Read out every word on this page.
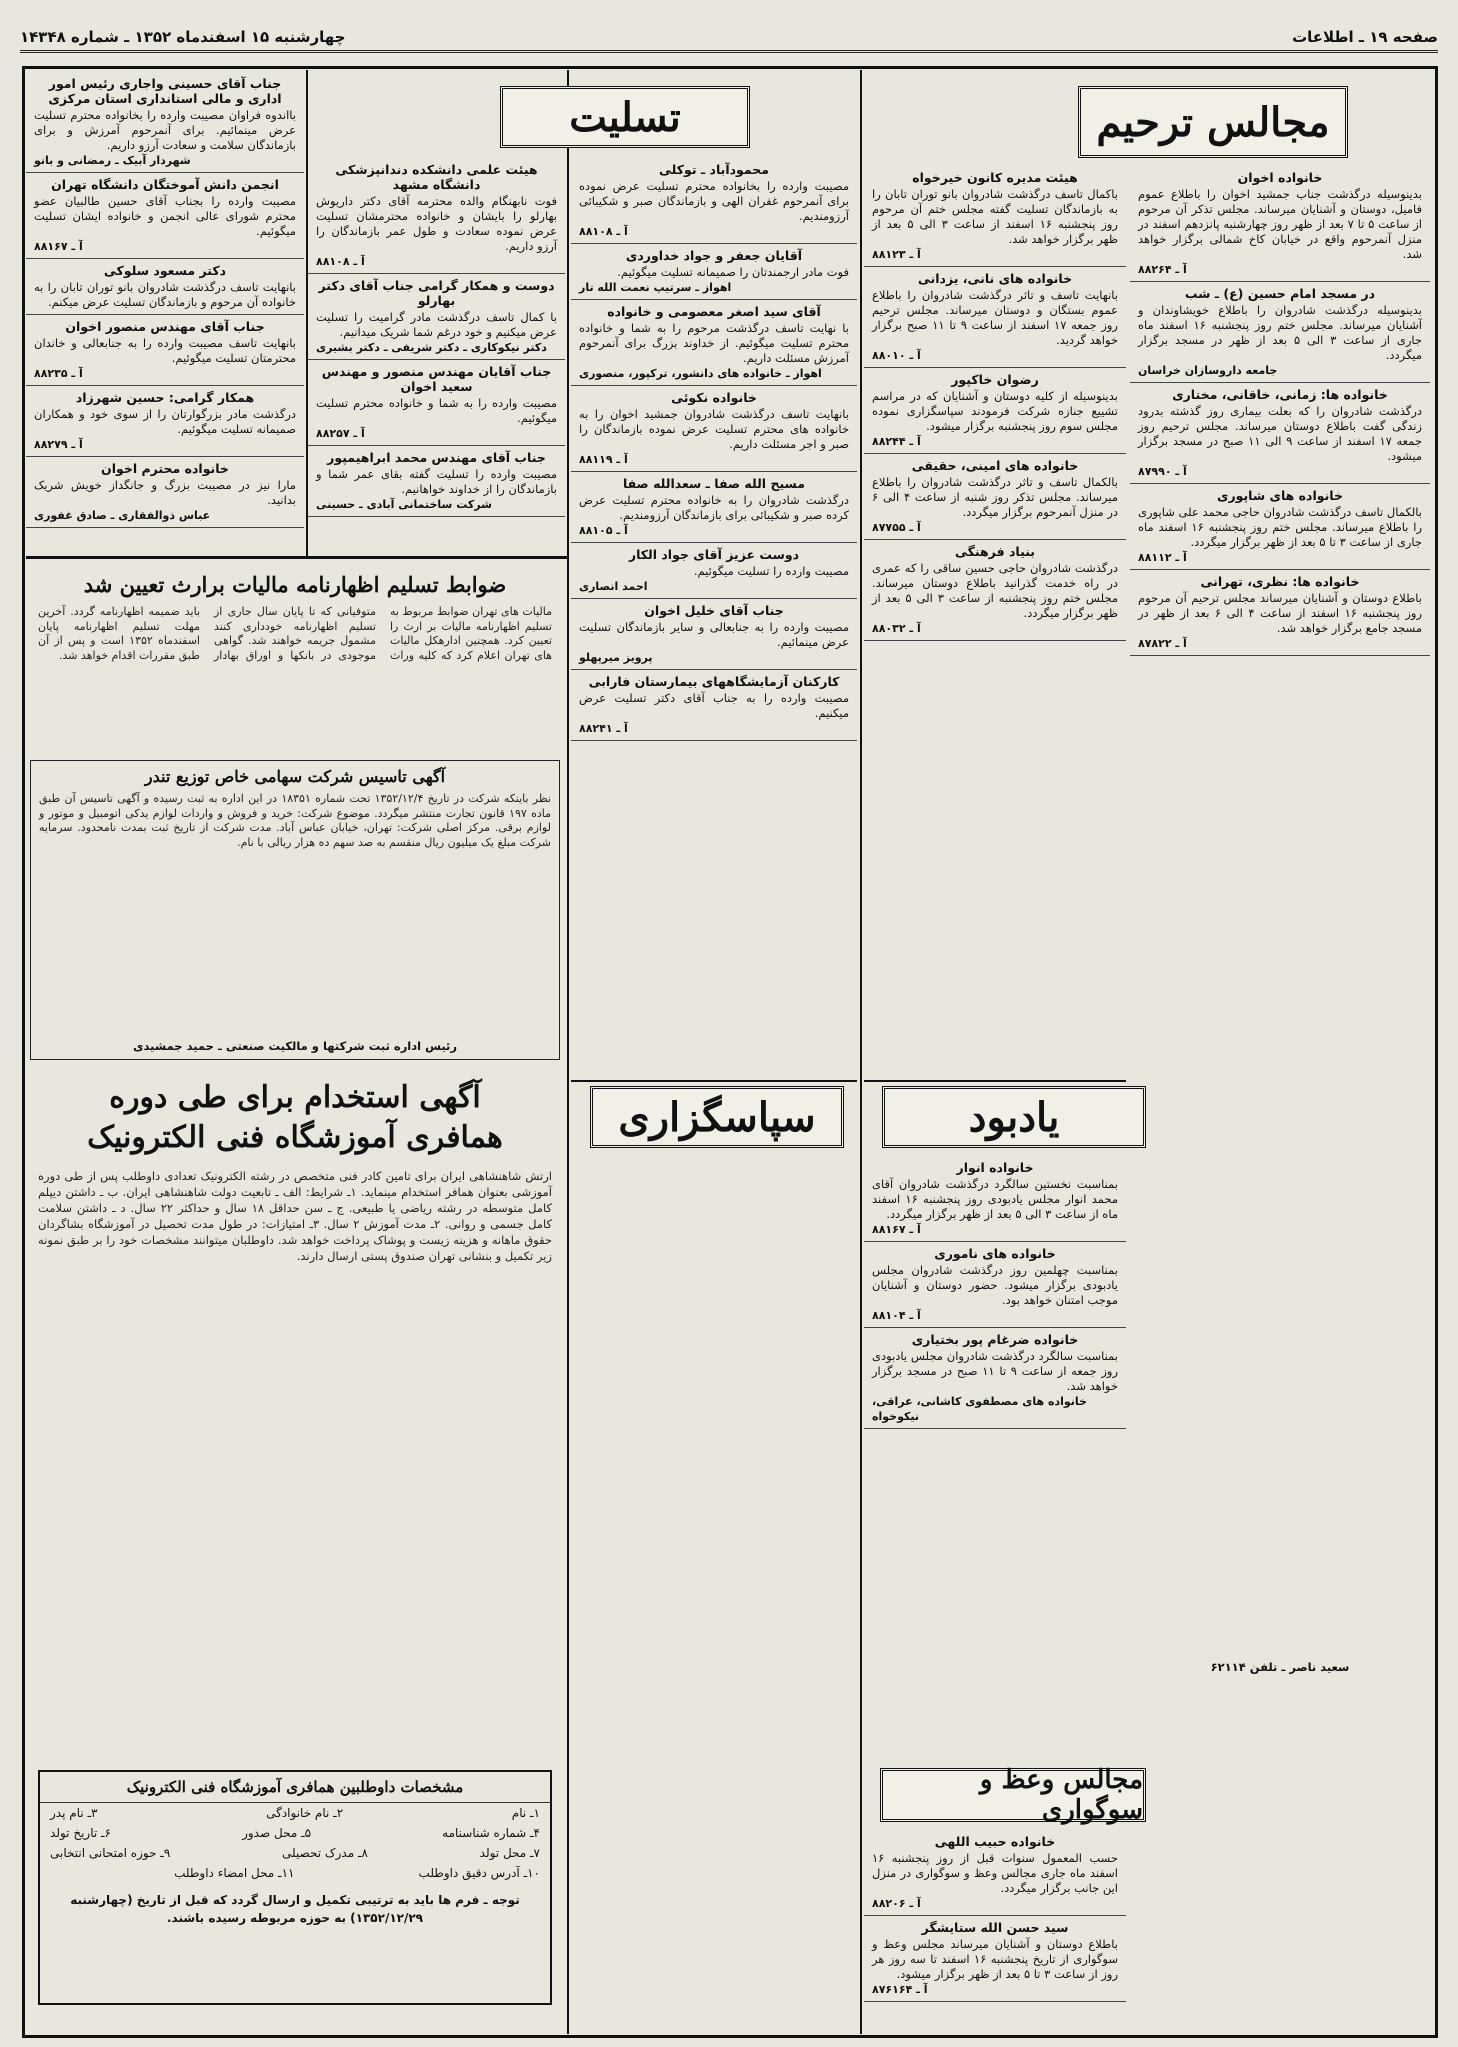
صفحه ۱۹ ـ اطلاعات
چهارشنبه ۱۵ اسفندماه ۱۳۵۲ ـ شماره ۱۴۳۴۸
مجالس ترحیم
تسلیت
سپاسگزاری	یادبود
مجالس وعظ و سوگواری
خانواده اخوان
بدینوسیله درگذشت جناب جمشید اخوان را باطلاع عموم فامیل، دوستان و آشنایان میرساند. مجلس تذکر آن مرحوم از ساعت ۵ تا ۷ بعد از ظهر روز چهارشنبه پانزدهم اسفند در منزل آنمرحوم واقع در خیابان کاخ شمالی برگزار خواهد شد.
آ ـ ۸۸۲۶۴
در مسجد امام حسین (ع) ـ شب
بدینوسیله درگذشت شادروان را باطلاع خویشاوندان و آشنایان میرساند. مجلس ختم روز پنجشنبه ۱۶ اسفند ماه جاری از ساعت ۳ الی ۵ بعد از ظهر در مسجد برگزار میگردد.
جامعه داروسازان خراسان
خانواده ها: زمانی، خاقانی، مختاری
درگذشت شادروان را که بعلت بیماری روز گذشته بدرود زندگی گفت باطلاع دوستان میرساند. مجلس ترحیم روز جمعه ۱۷ اسفند از ساعت ۹ الی ۱۱ صبح در مسجد برگزار میشود.
آ ـ ۸۷۹۹۰
خانواده های شاپوری
بالکمال تاسف درگذشت شادروان حاجی محمد علی شاپوری را باطلاع میرساند. مجلس ختم روز پنجشنبه ۱۶ اسفند ماه جاری از ساعت ۳ تا ۵ بعد از ظهر برگزار میگردد.
آ ـ ۸۸۱۱۲
خانواده ها: نظری، تهرانی
باطلاع دوستان و آشنایان میرساند مجلس ترحیم آن مرحوم روز پنجشنبه ۱۶ اسفند از ساعت ۴ الی ۶ بعد از ظهر در مسجد جامع برگزار خواهد شد.
آ ـ ۸۷۸۲۲
سعید ناصر ـ تلفن ۶۲۱۱۴
هیئت مدیره کانون خیرخواه
باکمال تاسف درگذشت شادروان بانو توران تابان را به بازماندگان تسلیت گفته مجلس ختم آن مرحوم روز پنجشنبه ۱۶ اسفند از ساعت ۳ الی ۵ بعد از ظهر برگزار خواهد شد.
آ ـ ۸۸۱۲۳
خانواده های نانی، یزدانی
بانهایت تاسف و تاثر درگذشت شادروان را باطلاع عموم بستگان و دوستان میرساند. مجلس ترحیم روز جمعه ۱۷ اسفند از ساعت ۹ تا ۱۱ صبح برگزار خواهد گردید.
آ ـ ۸۸۰۱۰
رضوان خاکپور
بدینوسیله از کلیه دوستان و آشنایان که در مراسم تشییع جنازه شرکت فرمودند سپاسگزاری نموده مجلس سوم روز پنجشنبه برگزار میشود.
آ ـ ۸۸۲۴۴
خانواده های امینی، حقیقی
بالکمال تاسف و تاثر درگذشت شادروان را باطلاع میرساند. مجلس تذکر روز شنبه از ساعت ۴ الی ۶ در منزل آنمرحوم برگزار میگردد.
آ ـ ۸۷۷۵۵
بنیاد فرهنگی
درگذشت شادروان حاجی حسین ساقی را که عمری در راه خدمت گذرانید باطلاع دوستان میرساند. مجلس ختم روز پنجشنبه از ساعت ۳ الی ۵ بعد از ظهر برگزار میگردد.
آ ـ ۸۸۰۳۲
خانواده انوار
بمناسبت نخستین سالگرد درگذشت شادروان آقای محمد انوار مجلس یادبودی روز پنجشنبه ۱۶ اسفند ماه از ساعت ۳ الی ۵ بعد از ظهر برگزار میگردد.
آ ـ ۸۸۱۶۷
خانواده های ناموری
بمناسبت چهلمین روز درگذشت شادروان مجلس یادبودی برگزار میشود. حضور دوستان و آشنایان موجب امتنان خواهد بود.
آ ـ ۸۸۱۰۴
خانواده ضرغام پور بختیاری
بمناسبت سالگرد درگذشت شادروان مجلس یادبودی روز جمعه از ساعت ۹ تا ۱۱ صبح در مسجد برگزار خواهد شد.
خانواده های مصطفوی کاشانی، عراقی، نیکوخواه
خانواده حبیب اللهی
حسب المعمول سنوات قبل از روز پنجشنبه ۱۶ اسفند ماه جاری مجالس وعظ و سوگواری در منزل این جانب برگزار میگردد.
آ ـ ۸۸۲۰۶
سید حسن الله ستایشگر
باطلاع دوستان و آشنایان میرساند مجلس وعظ و سوگواری از تاریخ پنجشنبه ۱۶ اسفند تا سه روز هر روز از ساعت ۳ تا ۵ بعد از ظهر برگزار میشود.
آ ـ ۸۷۶۱۶۴
محمودآباد ـ توکلی
مصیبت وارده را بخانواده محترم تسلیت عرض نموده برای آنمرحوم غفران الهی و بازماندگان صبر و شکیبائی آرزومندیم.
آ ـ ۸۸۱۰۸
آقایان جعفر و جواد خداوردی
فوت مادر ارجمندتان را صمیمانه تسلیت میگوئیم.
اهواز ـ سرتیپ نعمت الله تار
آقای سید اصغر معصومی و خانواده
با نهایت تاسف درگذشت مرحوم را به شما و خانواده محترم تسلیت میگوئیم. از خداوند بزرگ برای آنمرحوم آمرزش مسئلت داریم.
اهواز ـ خانواده های دانشور، ترکپور، منصوری
خانواده نکوئی
بانهایت تاسف درگذشت شادروان جمشید اخوان را به خانواده های محترم تسلیت عرض نموده بازماندگان را صبر و اجر مسئلت داریم.
آ ـ ۸۸۱۱۹
مسیح الله صفا ـ سعدالله صفا
درگذشت شادروان را به خانواده محترم تسلیت عرض کرده صبر و شکیبائی برای بازماندگان آرزومندیم.
آ ـ ۸۸۱۰۵
دوست عزیز آقای جواد الکار
مصیبت وارده را تسلیت میگوئیم.
احمد انصاری
جناب آقای خلیل اخوان
مصیبت وارده را به جنابعالی و سایر بازماندگان تسلیت عرض مینمائیم.
پرویز میرپهلو
کارکنان آزمایشگاههای بیمارستان فارابی
مصیبت وارده را به جناب آقای دکتر تسلیت عرض میکنیم.
آ ـ ۸۸۲۴۱
جناب آقای حسینی واجاری رئیس امور اداری و مالی استانداری استان مرکزی
بااندوه فراوان مصیبت وارده را بخانواده محترم تسلیت عرض مینمائیم. برای آنمرحوم آمرزش و برای بازماندگان سلامت و سعادت آرزو داریم.
شهردار آبیک ـ رمضانی و بانو
انجمن دانش آموختگان دانشگاه تهران
مصیبت وارده را بجناب آقای حسین طالبیان عضو محترم شورای عالی انجمن و خانواده ایشان تسلیت میگوئیم.
آ ـ ۸۸۱۶۷
دکتر مسعود سلوکی
بانهایت تاسف درگذشت شادروان بانو توران تابان را به خانواده آن مرحوم و بازماندگان تسلیت عرض میکنم.
جناب آقای مهندس منصور اخوان
بانهایت تاسف مصیبت وارده را به جنابعالی و خاندان محترمتان تسلیت میگوئیم.
آ ـ ۸۸۲۳۵
همکار گرامی: حسین شهرزاد
درگذشت مادر بزرگوارتان را از سوی خود و همکاران صمیمانه تسلیت میگوئیم.
آ ـ ۸۸۲۷۹
خانواده محترم اخوان
مارا نیز در مصیبت بزرگ و جانگداز خویش شریک بدانید.
عباس ذوالفقاری ـ صادق غفوری
هیئت علمی دانشکده دندانپزشکی دانشگاه مشهد
فوت نابهنگام والده محترمه آقای دکتر داریوش بهارلو را بایشان و خانواده محترمشان تسلیت عرض نموده سعادت و طول عمر بازماندگان را آرزو داریم.
آ ـ ۸۸۱۰۸
دوست و همکار گرامی جناب آقای دکتر بهارلو
با کمال تاسف درگذشت مادر گرامیت را تسلیت عرض میکنیم و خود درغم شما شریک میدانیم.
دکتر نیکوکاری ـ دکتر شریفی ـ دکتر بشیری
جناب آقایان مهندس منصور و مهندس سعید اخوان
مصیبت وارده را به شما و خانواده محترم تسلیت میگوئیم.
آ ـ ۸۸۲۵۷
جناب آقای مهندس محمد ابراهیمپور
مصیبت وارده را تسلیت گفته بقای عمر شما و بازماندگان را از خداوند خواهانیم.
شرکت ساختمانی آبادی ـ حسینی
ضوابط تسلیم اظهارنامه مالیات برارث تعیین شد
مالیات های تهران ضوابط مربوط به تسلیم اظهارنامه مالیات بر ارث را تعیین کرد. همچنین ادارهکل مالیات های تهران اعلام کرد که کلیه وراث متوفیانی که تا پایان سال جاری از تسلیم اظهارنامه خودداری کنند مشمول جریمه خواهند شد. گواهی موجودی در بانکها و اوراق بهادار باید ضمیمه اظهارنامه گردد. آخرین مهلت تسلیم اظهارنامه پایان اسفندماه ۱۳۵۲ است و پس از آن طبق مقررات اقدام خواهد شد.
آگهی تاسیس شرکت سهامی خاص توزیع تندر
نظر باینکه شرکت در تاریخ ۱۳۵۲/۱۲/۴ تحت شماره ۱۸۳۵۱ در این اداره به ثبت رسیده و آگهی تاسیس آن طبق ماده ۱۹۷ قانون تجارت منتشر میگردد. موضوع شرکت: خرید و فروش و واردات لوازم یدکی اتومبیل و موتور و لوازم برقی. مرکز اصلی شرکت: تهران، خیابان عباس آباد. مدت شرکت از تاریخ ثبت بمدت نامحدود. سرمایه شرکت مبلغ یک میلیون ریال منقسم به صد سهم ده هزار ریالی با نام.
رئیس اداره ثبت شرکتها و مالکیت صنعتی ـ حمید جمشیدی
آگهی استخدام برای طی دوره
همافری آموزشگاه فنی الکترونیک
ارتش شاهنشاهی ایران برای تامین کادر فنی متخصص در رشته الکترونیک تعدادی داوطلب پس از طی دوره آموزشی بعنوان همافر استخدام مینماید. ۱ـ شرایط: الف ـ تابعیت دولت شاهنشاهی ایران. ب ـ داشتن دیپلم کامل متوسطه در رشته ریاضی یا طبیعی. ج ـ سن حداقل ۱۸ سال و حداکثر ۲۲ سال. د ـ داشتن سلامت کامل جسمی و روانی. ۲ـ مدت آموزش ۲ سال. ۳ـ امتیازات: در طول مدت تحصیل در آموزشگاه بشاگردان حقوق ماهانه و هزینه زیست و پوشاک پرداخت خواهد شد. داوطلبان میتوانند مشخصات خود را بر طبق نمونه زیر تکمیل و بنشانی تهران صندوق پستی ارسال دارند.
مشخصات داوطلبین همافری آموزشگاه فنی الکترونیک
۱ـ نام
۲ـ نام خانوادگی
۳ـ نام پدر
۴ـ شماره شناسنامه
۵ـ محل صدور
۶ـ تاریخ تولد
۷ـ محل تولد
۸ـ مدرک تحصیلی
۹ـ حوزه امتحانی انتخابی
۱۰ـ آدرس دقیق داوطلب
۱۱ـ محل امضاء داوطلب
توجه ـ فرم ها باید به ترتیبی تکمیل و ارسال گردد که قبل از تاریخ (چهارشنبه ۱۳۵۲/۱۲/۲۹) به حوزه مربوطه رسیده باشند.
